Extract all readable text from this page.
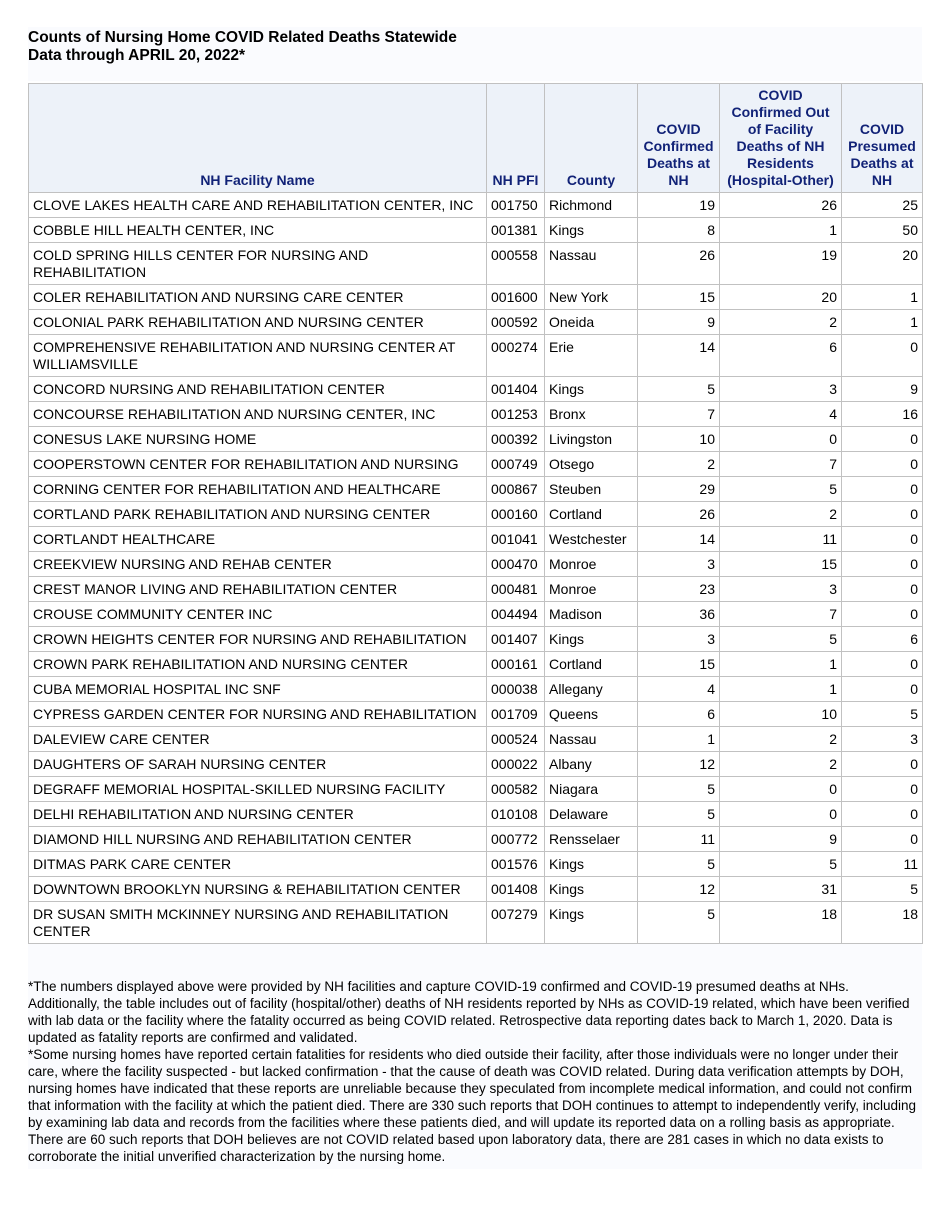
Counts of Nursing Home COVID Related Deaths Statewide

Data through APRIL 20, 2022*

NH Facility Name	NH PFI	County	COVID Confirmed Deaths at NH	COVID Confirmed Out of Facility Deaths of NH Residents (Hospital-Other)	COVID Presumed Deaths at NH
CLOVE LAKES HEALTH CARE AND REHABILITATION CENTER, INC	001750	Richmond	19	26	25
COBBLE HILL HEALTH CENTER, INC	001381	Kings	8	1	50
COLD SPRING HILLS CENTER FOR NURSING AND REHABILITATION	000558	Nassau	26	19	20
COLER REHABILITATION AND NURSING CARE CENTER	001600	New York	15	20	1
COLONIAL PARK REHABILITATION AND NURSING CENTER	000592	Oneida	9	2	1
COMPREHENSIVE REHABILITATION AND NURSING CENTER AT WILLIAMSVILLE	000274	Erie	14	6	0
CONCORD NURSING AND REHABILITATION CENTER	001404	Kings	5	3	9
CONCOURSE REHABILITATION AND NURSING CENTER, INC	001253	Bronx	7	4	16
CONESUS LAKE NURSING HOME	000392	Livingston	10	0	0
COOPERSTOWN CENTER FOR REHABILITATION AND NURSING	000749	Otsego	2	7	0
CORNING CENTER FOR REHABILITATION AND HEALTHCARE	000867	Steuben	29	5	0
CORTLAND PARK REHABILITATION AND NURSING CENTER	000160	Cortland	26	2	0
CORTLANDT HEALTHCARE	001041	Westchester	14	11	0
CREEKVIEW NURSING AND REHAB CENTER	000470	Monroe	3	15	0
CREST MANOR LIVING AND REHABILITATION CENTER	000481	Monroe	23	3	0
CROUSE COMMUNITY CENTER INC	004494	Madison	36	7	0
CROWN HEIGHTS CENTER FOR NURSING AND REHABILITATION	001407	Kings	3	5	6
CROWN PARK REHABILITATION AND NURSING CENTER	000161	Cortland	15	1	0
CUBA MEMORIAL HOSPITAL INC SNF	000038	Allegany	4	1	0
CYPRESS GARDEN CENTER FOR NURSING AND REHABILITATION	001709	Queens	6	10	5
DALEVIEW CARE CENTER	000524	Nassau	1	2	3
DAUGHTERS OF SARAH NURSING CENTER	000022	Albany	12	2	0
DEGRAFF MEMORIAL HOSPITAL-SKILLED NURSING FACILITY	000582	Niagara	5	0	0
DELHI REHABILITATION AND NURSING CENTER	010108	Delaware	5	0	0
DIAMOND HILL NURSING AND REHABILITATION CENTER	000772	Rensselaer	11	9	0
DITMAS PARK CARE CENTER	001576	Kings	5	5	11
DOWNTOWN BROOKLYN NURSING & REHABILITATION CENTER	001408	Kings	12	31	5
DR SUSAN SMITH MCKINNEY NURSING AND REHABILITATION CENTER	007279	Kings	5	18	18

*The numbers displayed above were provided by NH facilities and capture COVID-19 confirmed and COVID-19 presumed deaths at NHs. Additionally, the table includes out of facility (hospital/other) deaths of NH residents reported by NHs as COVID-19 related, which have been verified with lab data or the facility where the fatality occurred as being COVID related. Retrospective data reporting dates back to March 1, 2020. Data is updated as fatality reports are confirmed and validated.

*Some nursing homes have reported certain fatalities for residents who died outside their facility, after those individuals were no longer under their care, where the facility suspected - but lacked confirmation - that the cause of death was COVID related. During data verification attempts by DOH, nursing homes have indicated that these reports are unreliable because they speculated from incomplete medical information, and could not confirm that information with the facility at which the patient died. There are 330 such reports that DOH continues to attempt to independently verify, including by examining lab data and records from the facilities where these patients died, and will update its reported data on a rolling basis as appropriate. There are 60 such reports that DOH believes are not COVID related based upon laboratory data, there are 281 cases in which no data exists to corroborate the initial unverified characterization by the nursing home.
